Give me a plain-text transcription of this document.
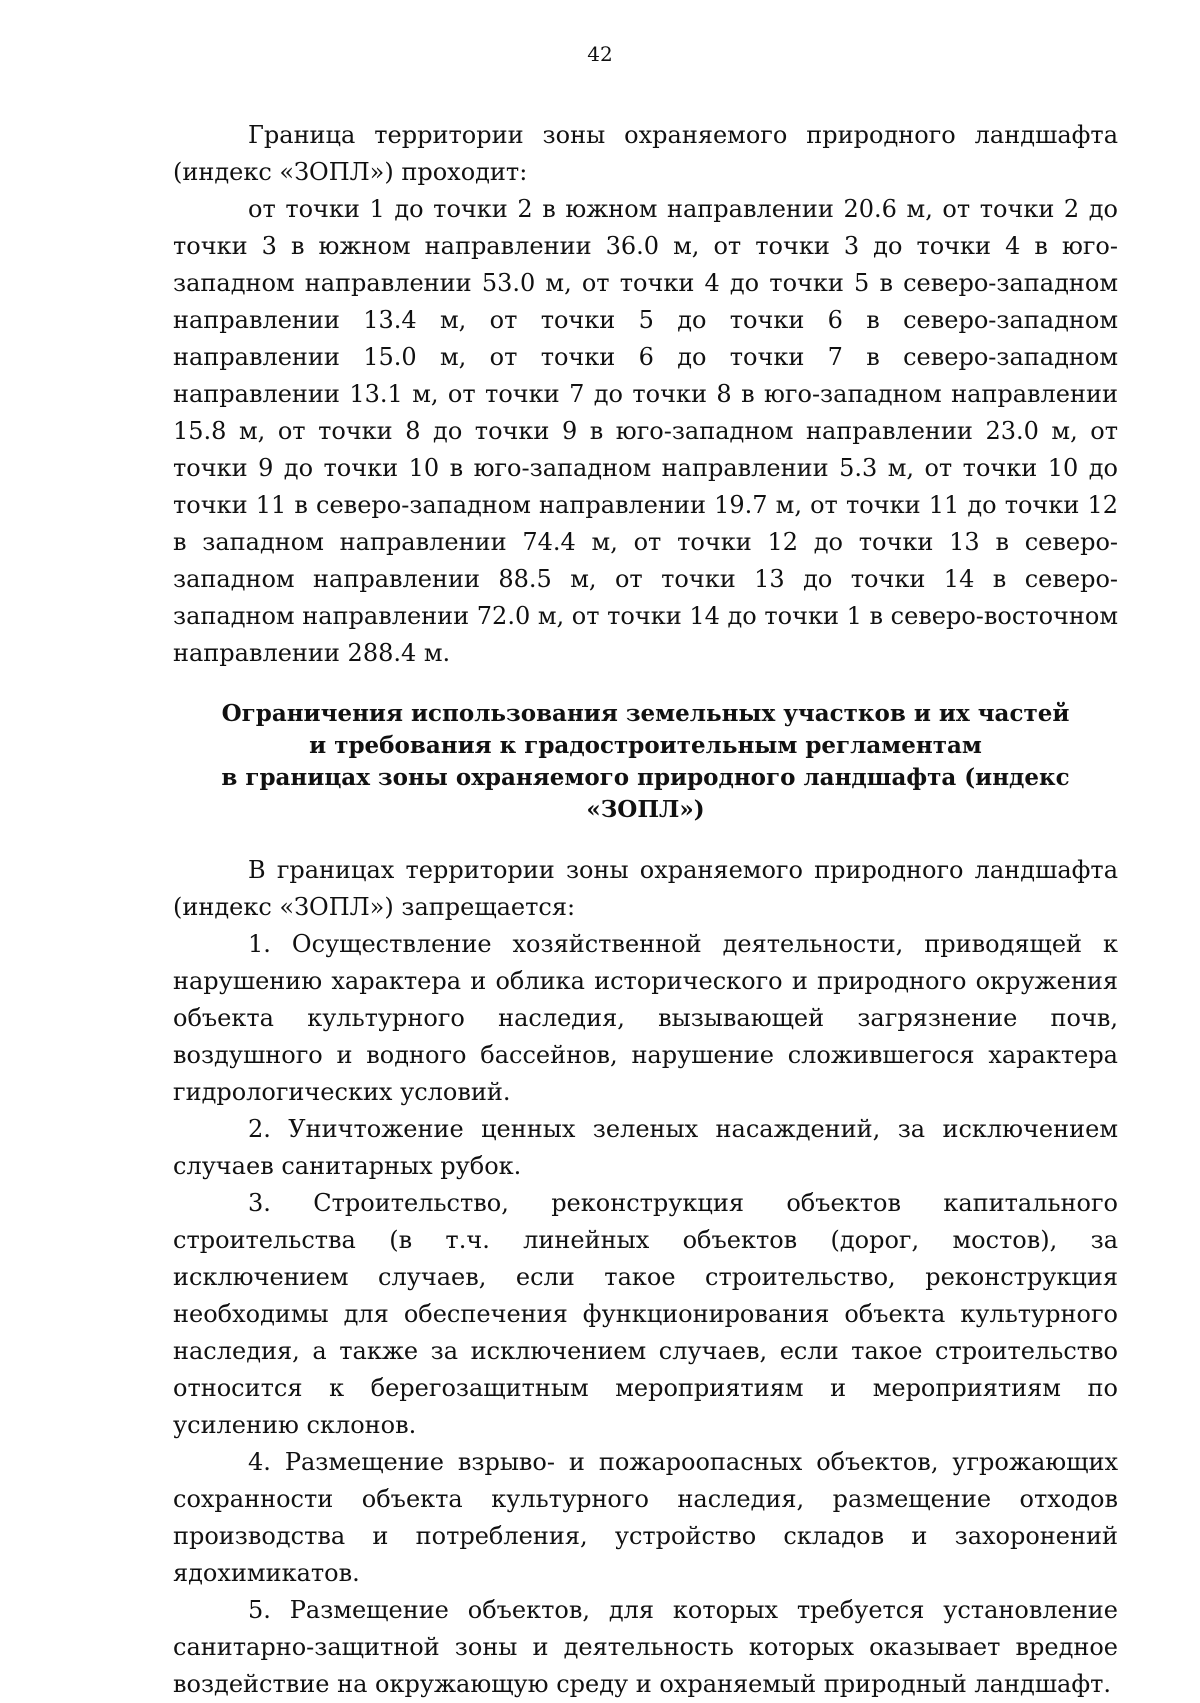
42

Граница территории зоны охраняемого природного ландшафта (индекс «ЗОПЛ») проходит:

от точки 1 до точки 2 в южном направлении 20.6 м, от точки 2 до точки 3 в южном направлении 36.0 м, от точки 3 до точки 4 в юго-западном направлении 53.0 м, от точки 4 до точки 5 в северо-западном направлении 13.4 м, от точки 5 до точки 6 в северо-западном направлении 15.0 м, от точки 6 до точки 7 в северо-западном направлении 13.1 м, от точки 7 до точки 8 в юго-западном направлении 15.8 м, от точки 8 до точки 9 в юго-западном направлении 23.0 м, от точки 9 до точки 10 в юго-западном направлении 5.3 м, от точки 10 до точки 11 в северо-западном направлении 19.7 м, от точки 11 до точки 12 в западном направлении 74.4 м, от точки 12 до точки 13 в северо-западном направлении 88.5 м, от точки 13 до точки 14 в северо-западном направлении 72.0 м, от точки 14 до точки 1 в северо-восточном направлении 288.4 м.

Ограничения использования земельных участков и их частей
и требования к градостроительным регламентам
в границах зоны охраняемого природного ландшафта (индекс «ЗОПЛ»)

В границах территории зоны охраняемого природного ландшафта (индекс «ЗОПЛ») запрещается:

1. Осуществление хозяйственной деятельности, приводящей к нарушению характера и облика исторического и природного окружения объекта культурного наследия, вызывающей загрязнение почв, воздушного и водного бассейнов, нарушение сложившегося характера гидрологических условий.

2. Уничтожение ценных зеленых насаждений, за исключением случаев санитарных рубок.

3. Строительство, реконструкция объектов капитального строительства (в т.ч. линейных объектов (дорог, мостов), за исключением случаев, если такое строительство, реконструкция необходимы для обеспечения функционирования объекта культурного наследия, а также за исключением случаев, если такое строительство относится к берегозащитным мероприятиям и мероприятиям по усилению склонов.

4. Размещение взрыво- и пожароопасных объектов, угрожающих сохранности объекта культурного наследия, размещение отходов производства и потребления, устройство складов и захоронений ядохимикатов.

5. Размещение объектов, для которых требуется установление санитарно-защитной зоны и деятельность которых оказывает вредное воздействие на окружающую среду и охраняемый природный ландшафт.
